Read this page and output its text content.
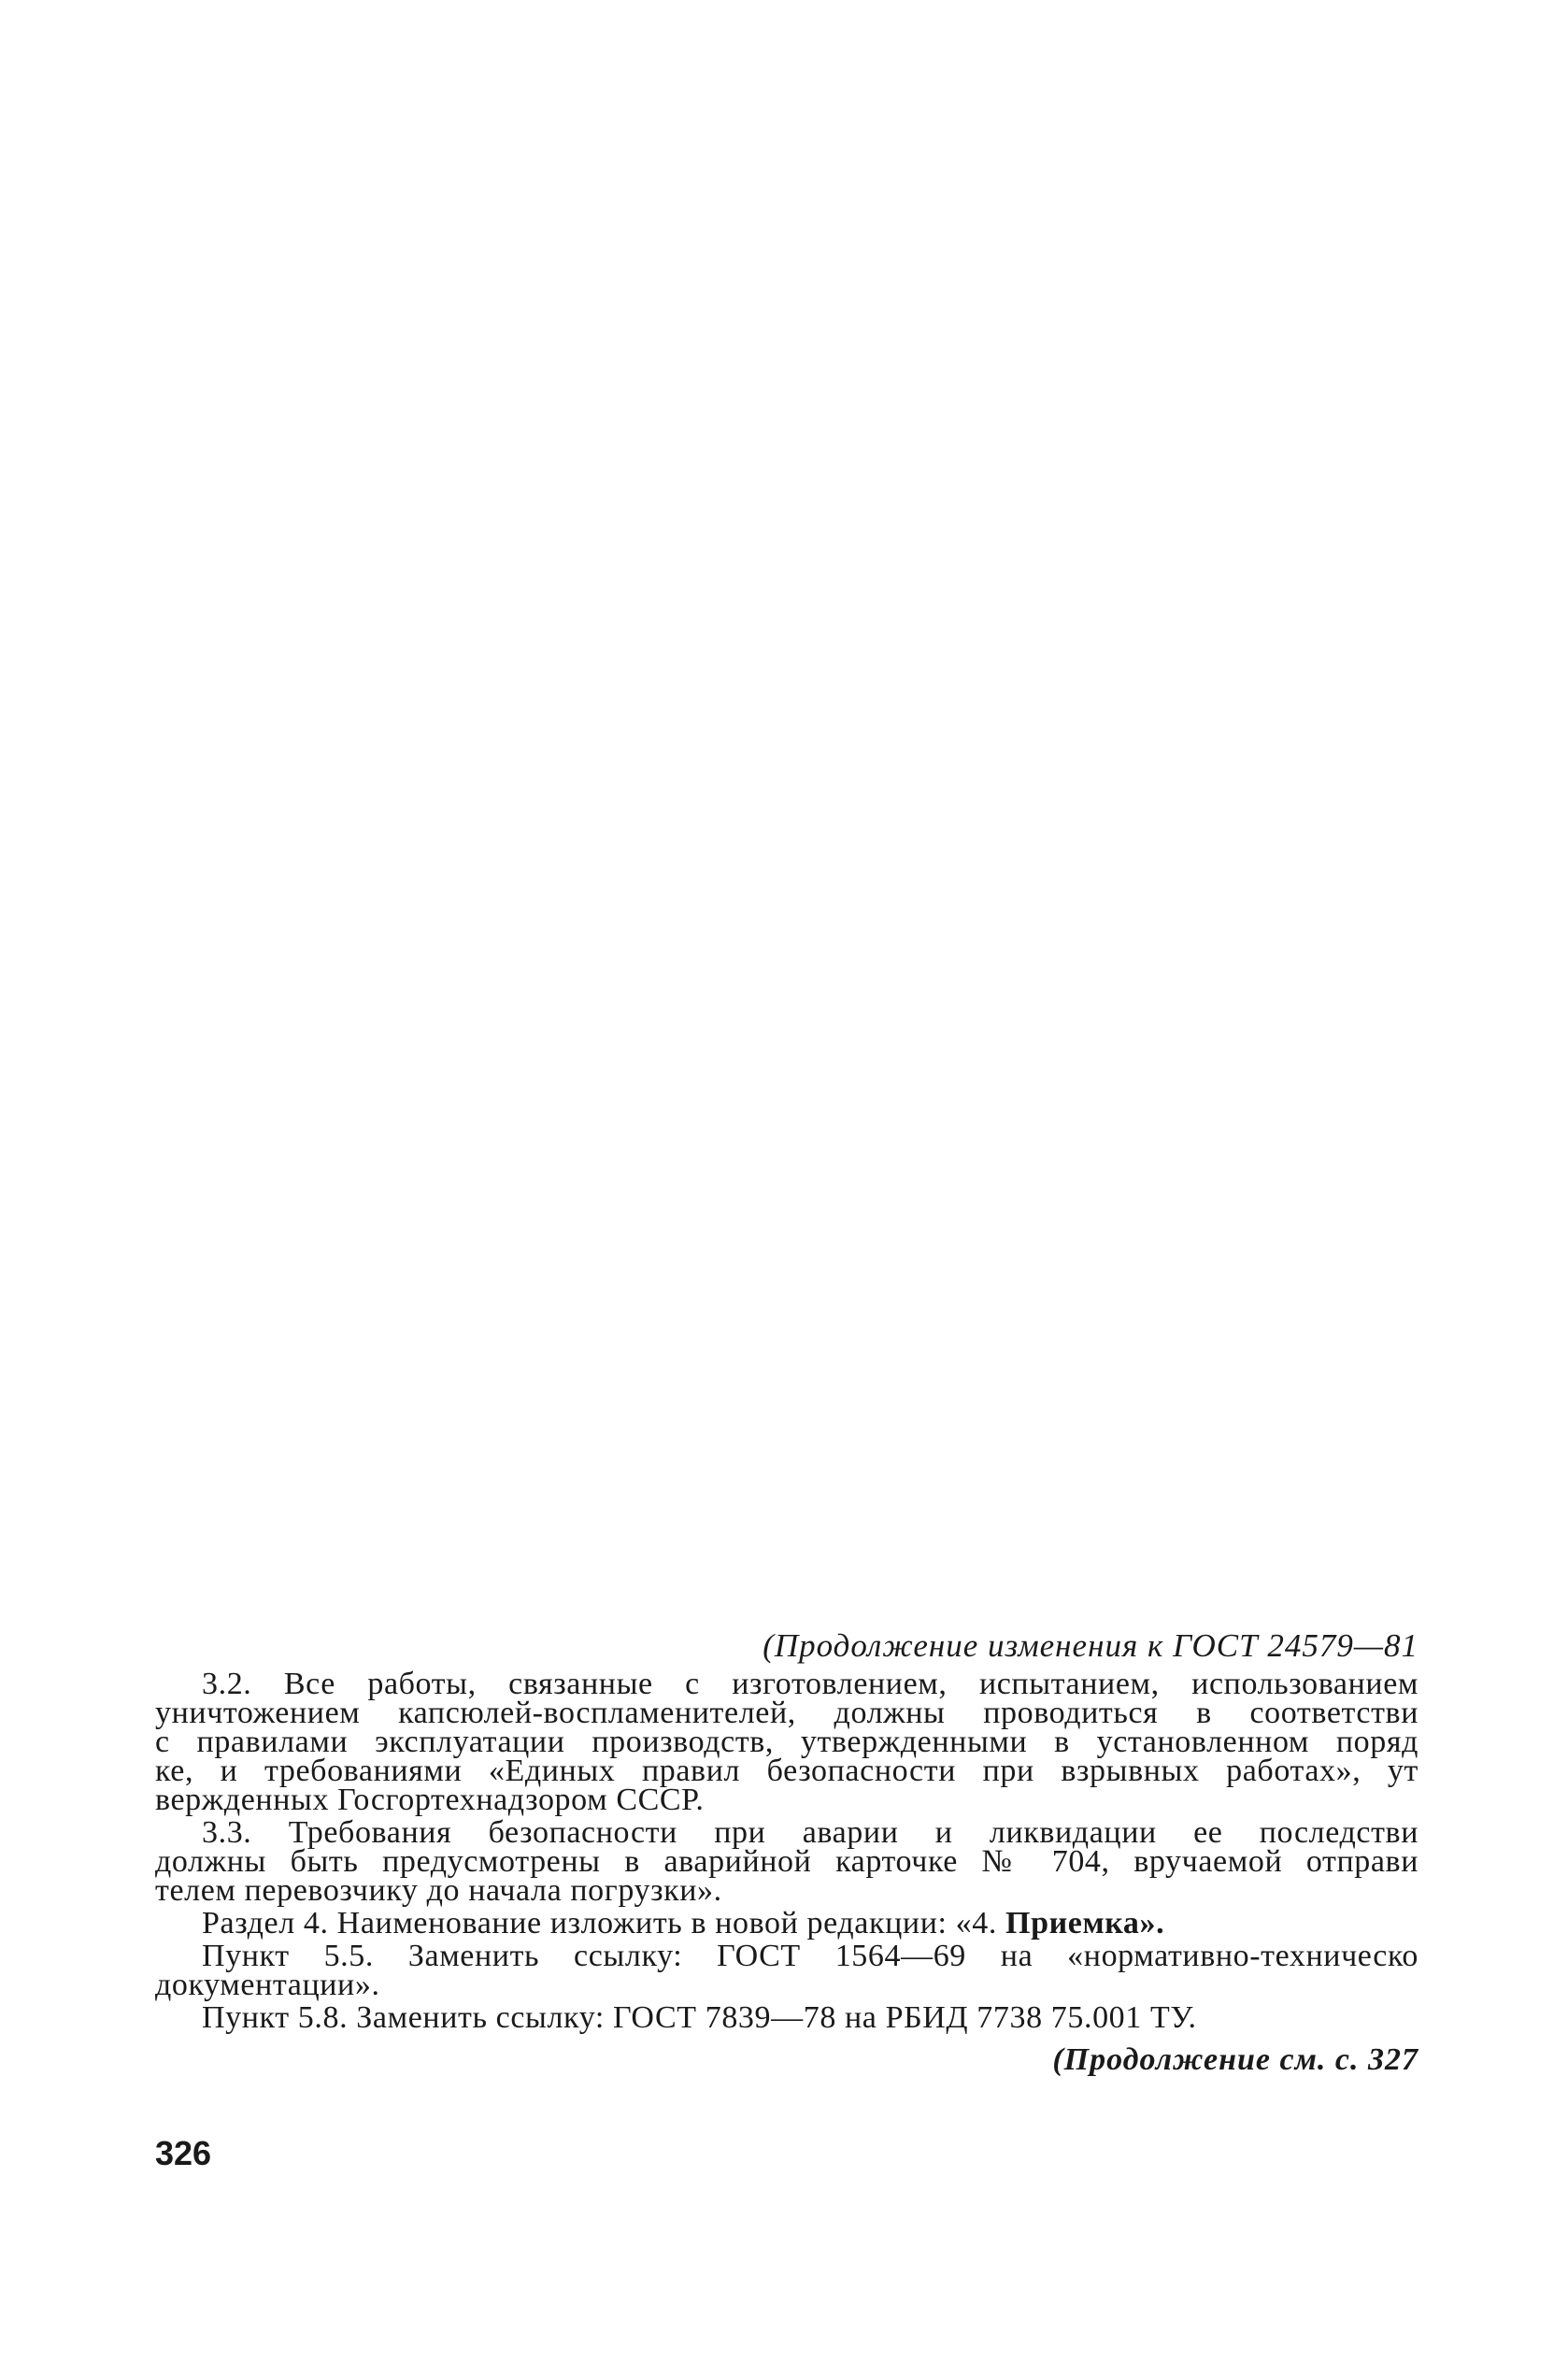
(Продолжение изменения к ГОСТ 24579—81
3.2. Все работы, связанные с изготовлением, испытанием, использованием
уничтожением капсюлей-воспламенителей, должны проводиться в соответстви
с правилами эксплуатации производств, утвержденными в установленном поряд
ке, и требованиями «Единых правил безопасности при взрывных работах», ут
вержденных Госгортехнадзором СССР.
3.3. Требования безопасности при аварии и ликвидации ее последстви
должны быть предусмотрены в аварийной карточке № 704, вручаемой отправи
телем перевозчику до начала погрузки».
Раздел 4. Наименование изложить в новой редакции: «4. Приемка».
Пункт 5.5. Заменить ссылку: ГОСТ 1564—69 на «нормативно-техническо
документации».
Пункт 5.8. Заменить ссылку: ГОСТ 7839—78 на РБИД 7738 75.001 ТУ.
(Продолжение см. с. 327
326
